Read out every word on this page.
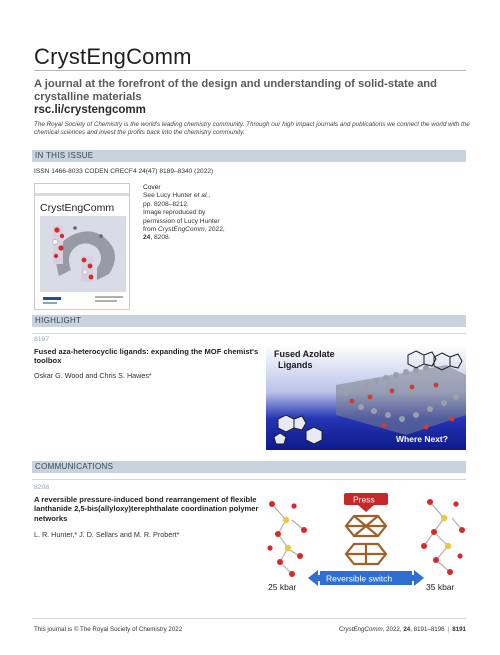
CrystEngComm
A journal at the forefront of the design and understanding of solid-state and crystalline materials
rsc.li/crystengcomm
The Royal Society of Chemistry is the world's leading chemistry community. Through our high impact journals and publications we connect the world with the chemical sciences and invest the profits back into the chemistry community.
IN THIS ISSUE
ISSN 1466-8033 CODEN CRECF4 24(47) 8189–8340 (2022)
CrystEngComm
Cover
See Lucy Hunter et al.,
pp. 8208–8212.
Image reproduced by
permission of Lucy Hunter
from CrystEngComm, 2022,
24, 8208.
HIGHLIGHT
8197
Fused aza-heterocyclic ligands: expanding the MOF chemist's toolbox
Oskar G. Wood and Chris S. Hawes*
Fused Azolate Ligands
Where Next?
COMMUNICATIONS
8208
A reversible pressure-induced bond rearrangement of flexible lanthanide 2,5-bis(allyloxy)terephthalate coordination polymer networks
L. R. Hunter,* J. D. Sellars and M. R. Probert*
Press
Reversible switch
25 kbar	35 kbar
This journal is © The Royal Society of Chemistry 2022	CrystEngComm, 2022, 24, 8191–8196 | 8191
